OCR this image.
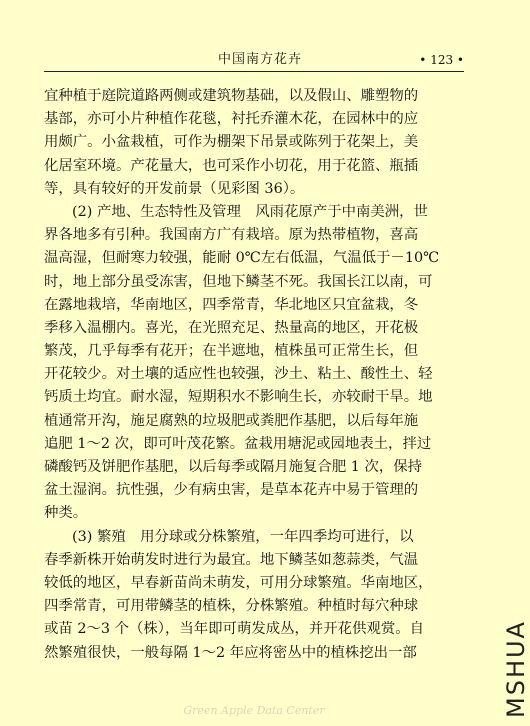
中国南方花卉	• 123 •
宜种植于庭院道路两侧或建筑物基础，以及假山、雕塑物的
基部，亦可小片种植作花毯，衬托乔灌木花，在园林中的应
用颇广。小盆栽植，可作为棚架下吊景或陈列于花架上，美
化居室环境。产花量大，也可采作小切花，用于花篮、瓶插
等，具有较好的开发前景（见彩图 36）。
(2) 产地、生态特性及管理　风雨花原产于中南美洲，世
界各地多有引种。我国南方广有栽培。原为热带植物，喜高
温高湿，但耐寒力较强，能耐 0℃左右低温，气温低于－10℃
时，地上部分虽受冻害，但地下鳞茎不死。我国长江以南，可
在露地栽培，华南地区，四季常青，华北地区只宜盆栽，冬
季移入温棚内。喜光，在光照充足、热量高的地区，开花极
繁茂，几乎每季有花开；在半遮地，植株虽可正常生长，但
开花较少。对土壤的适应性也较强，沙土、粘土、酸性土、轻
钙质土均宜。耐水湿，短期积水不影响生长，亦较耐干旱。地
植通常开沟，施足腐熟的垃圾肥或粪肥作基肥，以后每年施
追肥 1～2 次，即可叶茂花繁。盆栽用塘泥或园地表土，拌过
磷酸钙及饼肥作基肥，以后每季或隔月施复合肥 1 次，保持
盆土湿润。抗性强，少有病虫害，是草本花卉中易于管理的
种类。
(3) 繁殖　用分球或分株繁殖，一年四季均可进行，以
春季新株开始萌发时进行为最宜。地下鳞茎如葱蒜类，气温
较低的地区，早春新苗尚未萌发，可用分球繁殖。华南地区，
四季常青，可用带鳞茎的植株，分株繁殖。种植时每穴种球
或苗 2～3 个（株），当年即可萌发成丛，并开花供观赏。自
然繁殖很快，一般每隔 1～2 年应将密丛中的植株挖出一部	MSHUA
Green Apple Data Center
